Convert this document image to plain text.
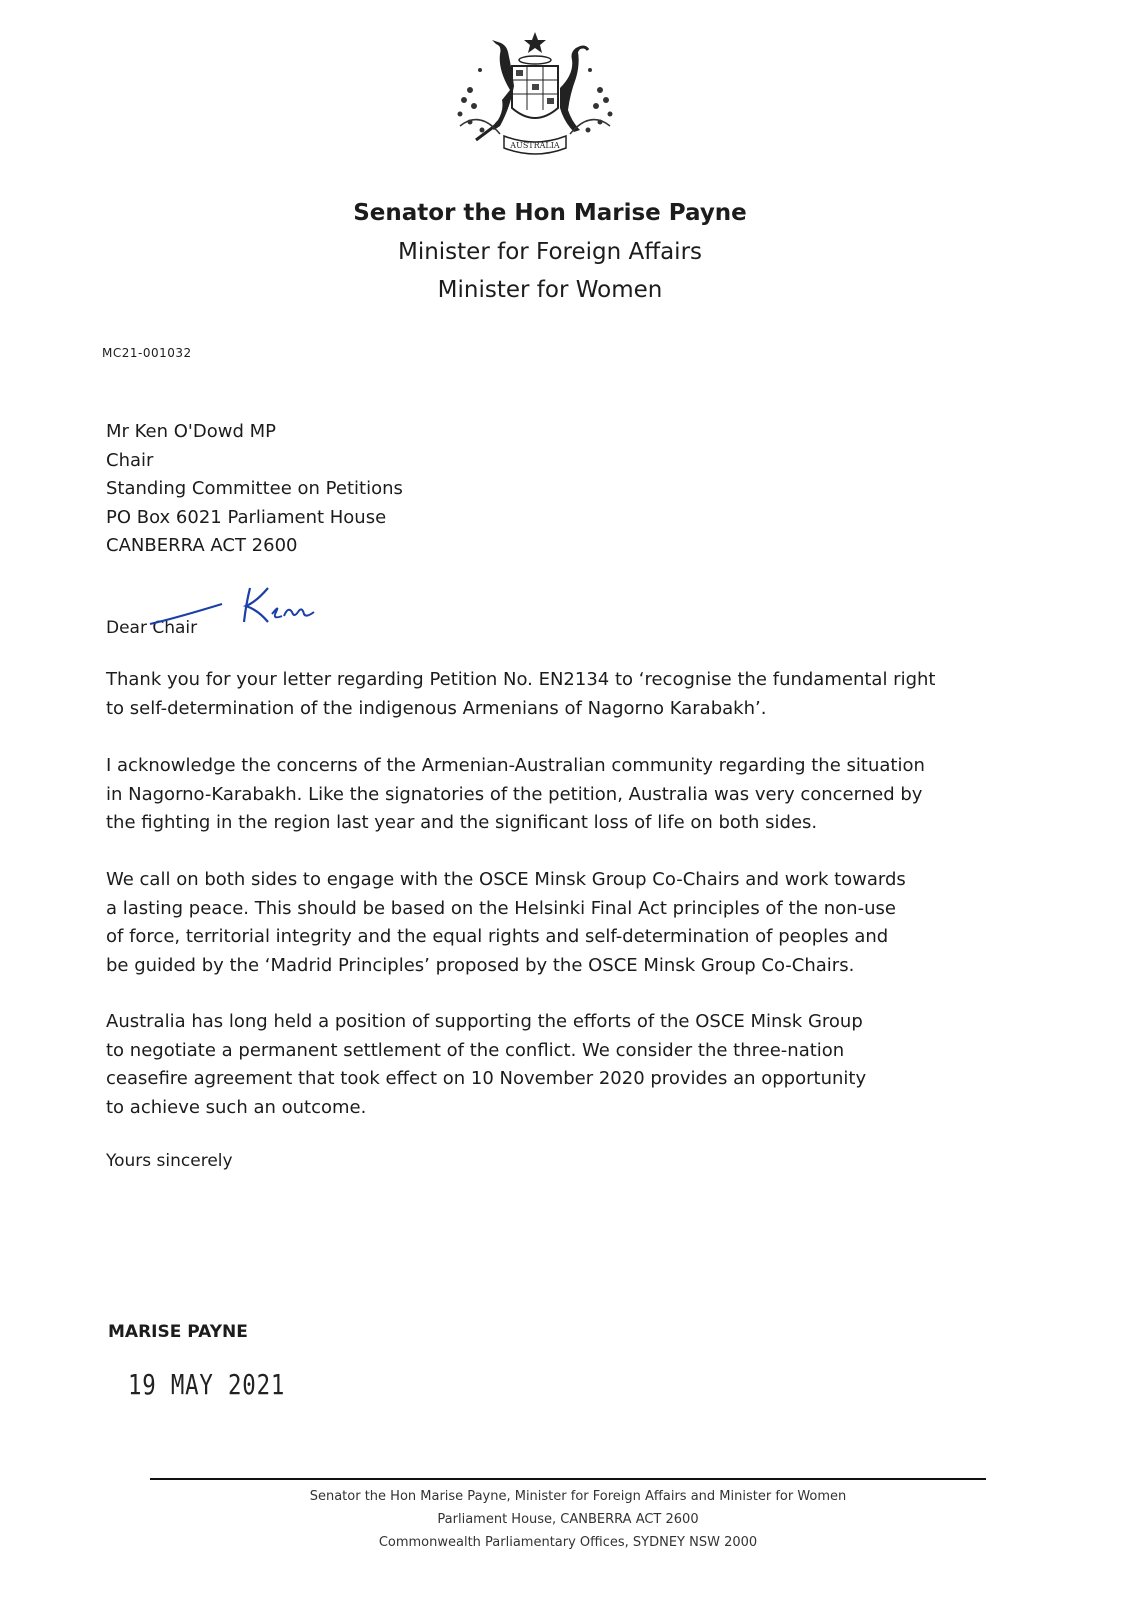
AUSTRALIA
Senator the Hon Marise Payne
Minister for Foreign Affairs
Minister for Women
MC21-001032
Mr Ken O'Dowd MP
Chair
Standing Committee on Petitions
PO Box 6021 Parliament House
CANBERRA ACT 2600
Dear Chair
Thank you for your letter regarding Petition No. EN2134 to ‘recognise the fundamental right
to self-determination of the indigenous Armenians of Nagorno Karabakh’.
I acknowledge the concerns of the Armenian-Australian community regarding the situation
in Nagorno-Karabakh. Like the signatories of the petition, Australia was very concerned by
the fighting in the region last year and the significant loss of life on both sides.
We call on both sides to engage with the OSCE Minsk Group Co-Chairs and work towards
a lasting peace. This should be based on the Helsinki Final Act principles of the non-use
of force, territorial integrity and the equal rights and self-determination of peoples and
be guided by the ‘Madrid Principles’ proposed by the OSCE Minsk Group Co-Chairs.
Australia has long held a position of supporting the efforts of the OSCE Minsk Group
to negotiate a permanent settlement of the conflict. We consider the three-nation
ceasefire agreement that took effect on 10 November 2020 provides an opportunity
to achieve such an outcome.
Yours sincerely
MARISE PAYNE
19 MAY 2021
Senator the Hon Marise Payne, Minister for Foreign Affairs and Minister for Women
Parliament House, CANBERRA ACT 2600
Commonwealth Parliamentary Offices, SYDNEY NSW 2000
